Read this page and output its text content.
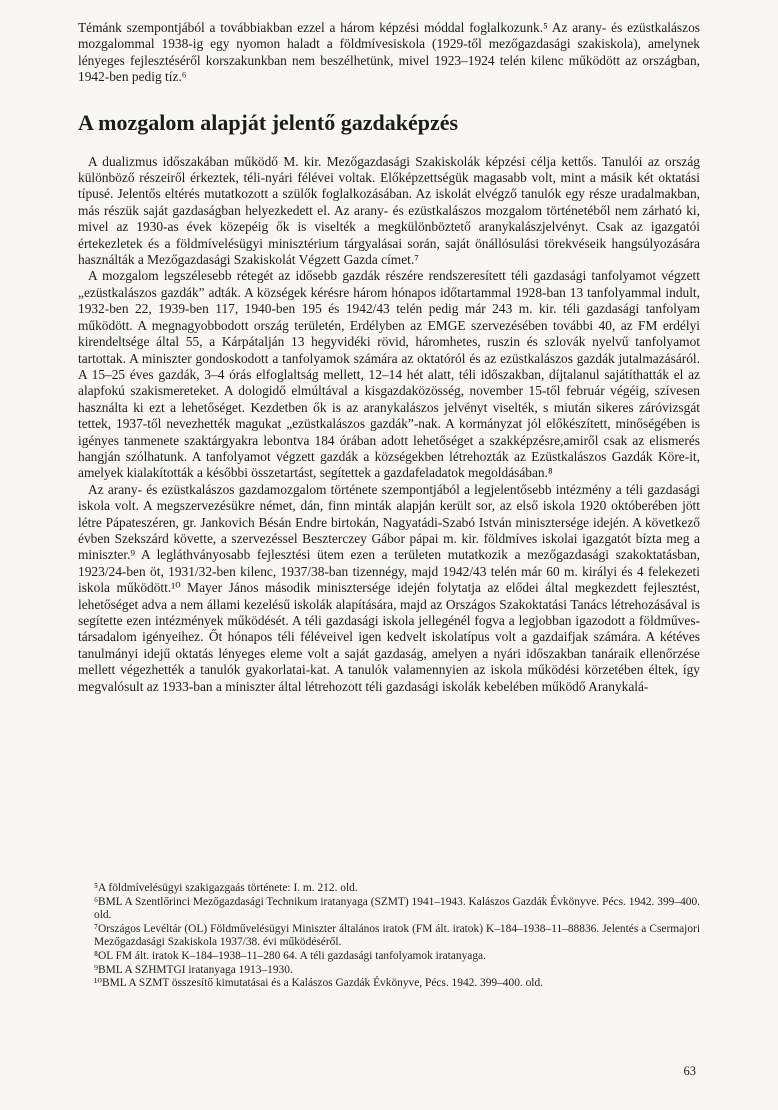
Témánk szempontjából a továbbiakban ezzel a három képzési móddal foglalkozunk.⁵ Az arany- és ezüstkalászos mozgalommal 1938-ig egy nyomon haladt a földmívesiskola (1929-től mezőgazdasági szakiskola), amelynek lényeges fejlesztéséről korszakunkban nem beszélhetünk, mivel 1923–1924 telén kilenc működött az országban, 1942-ben pedig tíz.⁶

A mozgalom alapját jelentő gazdaképzés

A dualizmus időszakában működő M. kir. Mezőgazdasági Szakiskolák képzési célja kettős. Tanulói az ország különböző részeiről érkeztek, téli-nyári félévei voltak. Előképzettségük magasabb volt, mint a másik két oktatási típusé. Jelentős eltérés mutatkozott a szülők foglalkozásában. Az iskolát elvégző tanulók egy része uradalmakban, más részük saját gazdaságban helyezkedett el. Az arany- és ezüstkalászos mozgalom történetéből nem zárható ki, mivel az 1930-as évek közepéig ők is viselték a megkülönböztető aranykalászjelvényt. Csak az igazgatói értekezletek és a földmívelésügyi minisztérium tárgyalásai során, saját önállósulási törekvéseik hangsúlyozására használták a Mezőgazdasági Szakiskolát Végzett Gazda címet.⁷

A mozgalom legszélesebb rétegét az idősebb gazdák részére rendszeresített téli gazdasági tanfolyamot végzett „ezüstkalászos gazdák” adták. A községek kérésre három hónapos időtartammal 1928-ban 13 tanfolyammal indult, 1932-ben 22, 1939-ben 117, 1940-ben 195 és 1942/43 telén pedig már 243 m. kir. téli gazdasági tanfolyam működött. A megnagyobbodott ország területén, Erdélyben az EMGE szervezésében további 40, az FM erdélyi kirendeltsége által 55, a Kárpátalján 13 hegyvidéki rövid, háromhetes, ruszin és szlovák nyelvű tanfolyamot tartottak. A miniszter gondoskodott a tanfolyamok számára az oktatóról és az ezüstkalászos gazdák jutalmazásáról. A 15–25 éves gazdák, 3–4 órás elfoglaltság mellett, 12–14 hét alatt, téli időszakban, díjtalanul sajátíthatták el az alapfokú szakismereteket. A dologidő elmúltával a kisgazdaközösség, november 15-től február végéig, szívesen használta ki ezt a lehetőséget. Kezdetben ők is az aranykalászos jelvényt viselték, s miután sikeres záróvizsgát tettek, 1937-től nevezhették magukat „ezüstkalászos gazdák”-nak. A kormányzat jól előkészített, minőségében is igényes tanmenete szaktárgyakra lebontva 184 órában adott lehetőséget a szakképzésre,amiről csak az elismerés hangján szólhatunk. A tanfolyamot végzett gazdák a községekben létrehozták az Ezüstkalászos Gazdák Köre-it, amelyek kialakították a későbbi összetartást, segítettek a gazdafeladatok megoldásában.⁸

Az arany- és ezüstkalászos gazdamozgalom története szempontjából a legjelentősebb intézmény a téli gazdasági iskola volt. A megszervezésükre német, dán, finn minták alapján került sor, az első iskola 1920 októberében jött létre Pápateszéren, gr. Jankovich Bésán Endre birtokán, Nagyatádi-Szabó István minisztersége idején. A következő évben Szekszárd követte, a szervezéssel Beszterczey Gábor pápai m. kir. földmíves iskolai igazgatót bízta meg a miniszter.⁹ A legláthványosabb fejlesztési ütem ezen a területen mutatkozik a mezőgazdasági szakoktatásban, 1923/24-ben öt, 1931/32-ben kilenc, 1937/38-ban tizennégy, majd 1942/43 telén már 60 m. királyi és 4 felekezeti iskola működött.¹⁰ Mayer János második minisztersége idején folytatja az elődei által megkezdett fejlesztést, lehetőséget adva a nem állami kezelésű iskolák alapítására, majd az Országos Szakoktatási Tanács létrehozásával is segítette ezen intézmények működését. A téli gazdasági iskola jellegénél fogva a legjobban igazodott a földműves-társadalom igényeihez. Őt hónapos téli féléveivel igen kedvelt iskolatípus volt a gazdaifjak számára. A kétéves tanulmányi idejű oktatás lényeges eleme volt a saját gazdaság, amelyen a nyári időszakban tanáraik ellenőrzése mellett végezhették a tanulók gyakorlatai-kat. A tanulók valamennyien az iskola működési körzetében éltek, így megvalósult az 1933-ban a miniszter által létrehozott téli gazdasági iskolák kebelében működő Aranykalá-

⁵A földmívelésügyi szakigazgaás története: I. m. 212. old.

⁶BML A Szentlőrinci Mezőgazdasági Technikum iratanyaga (SZMT) 1941–1943. Kalászos Gazdák Évkönyve. Pécs. 1942. 399–400. old.

⁷Országos Levéltár (OL) Földművelésügyi Miniszter általános iratok (FM ált. iratok) K–184–1938–11–88836. Jelentés a Csermajori Mezőgazdasági Szakiskola 1937/38. évi működéséről.

⁸OL FM ált. iratok K–184–1938–11–280 64. A téli gazdasági tanfolyamok iratanyaga.

⁹BML A SZHMTGI iratanyaga 1913–1930.

¹⁰BML A SZMT összesítő kimutatásai és a Kalászos Gazdák Évkönyve, Pécs. 1942. 399–400. old.

63
